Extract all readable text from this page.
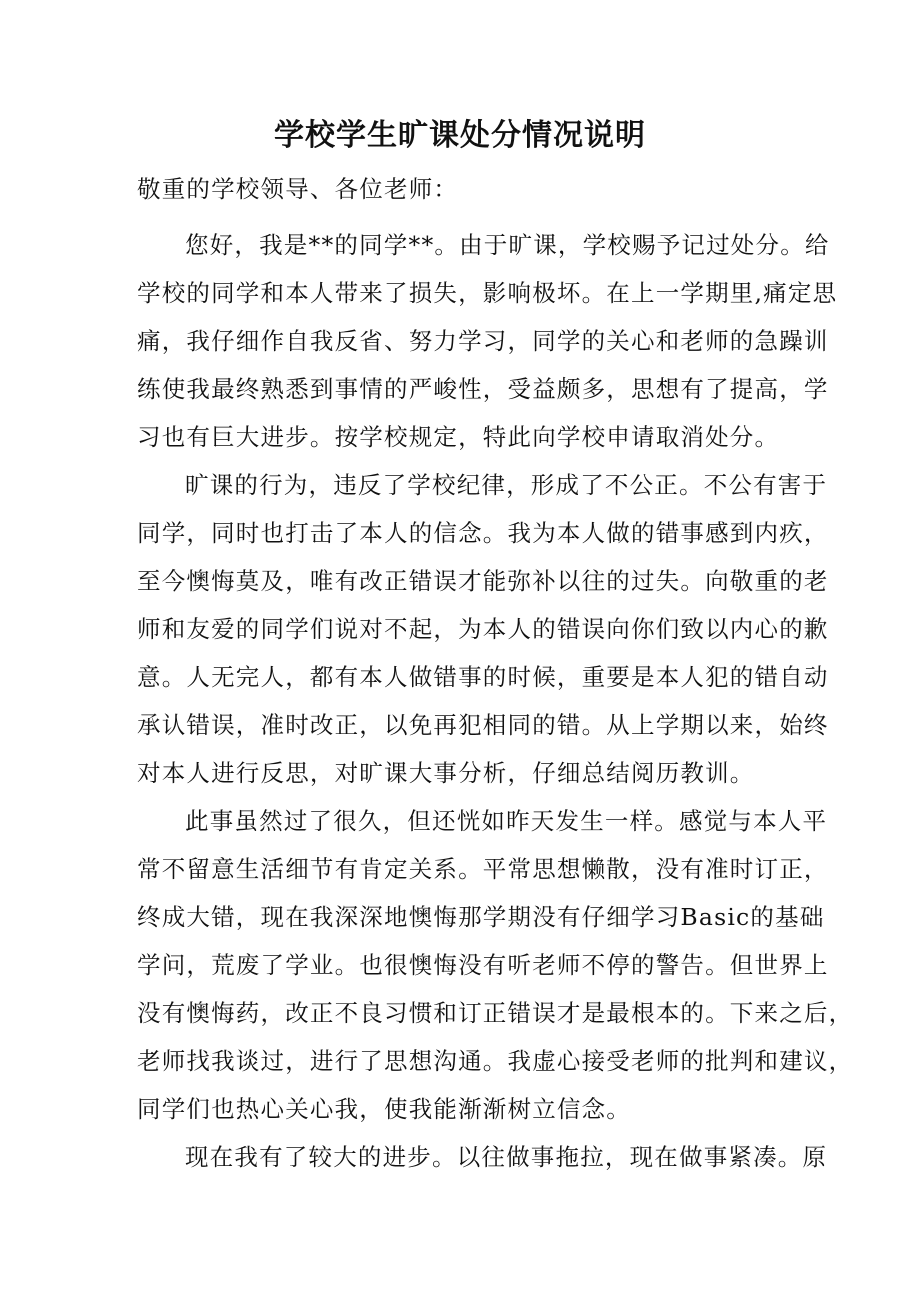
学校学生旷课处分情况说明
敬重的学校领导、各位老师：
您好，我是**的同学**。由于旷课，学校赐予记过处分。给
学校的同学和本人带来了损失，影响极坏。在上一学期里,痛定思
痛，我仔细作自我反省、努力学习，同学的关心和老师的急躁训
练使我最终熟悉到事情的严峻性，受益颇多，思想有了提高，学
习也有巨大进步。按学校规定，特此向学校申请取消处分。
旷课的行为，违反了学校纪律，形成了不公正。不公有害于
同学，同时也打击了本人的信念。我为本人做的错事感到内疚，
至今懊悔莫及，唯有改正错误才能弥补以往的过失。向敬重的老
师和友爱的同学们说对不起，为本人的错误向你们致以内心的歉
意。人无完人，都有本人做错事的时候，重要是本人犯的错自动
承认错误，准时改正，以免再犯相同的错。从上学期以来，始终
对本人进行反思，对旷课大事分析，仔细总结阅历教训。
此事虽然过了很久，但还恍如昨天发生一样。感觉与本人平
常不留意生活细节有肯定关系。平常思想懒散，没有准时订正，
终成大错，现在我深深地懊悔那学期没有仔细学习Basic的基础
学问，荒废了学业。也很懊悔没有听老师不停的警告。但世界上
没有懊悔药，改正不良习惯和订正错误才是最根本的。下来之后，
老师找我谈过，进行了思想沟通。我虚心接受老师的批判和建议，
同学们也热心关心我，使我能渐渐树立信念。
现在我有了较大的进步。以往做事拖拉，现在做事紧凑。原
